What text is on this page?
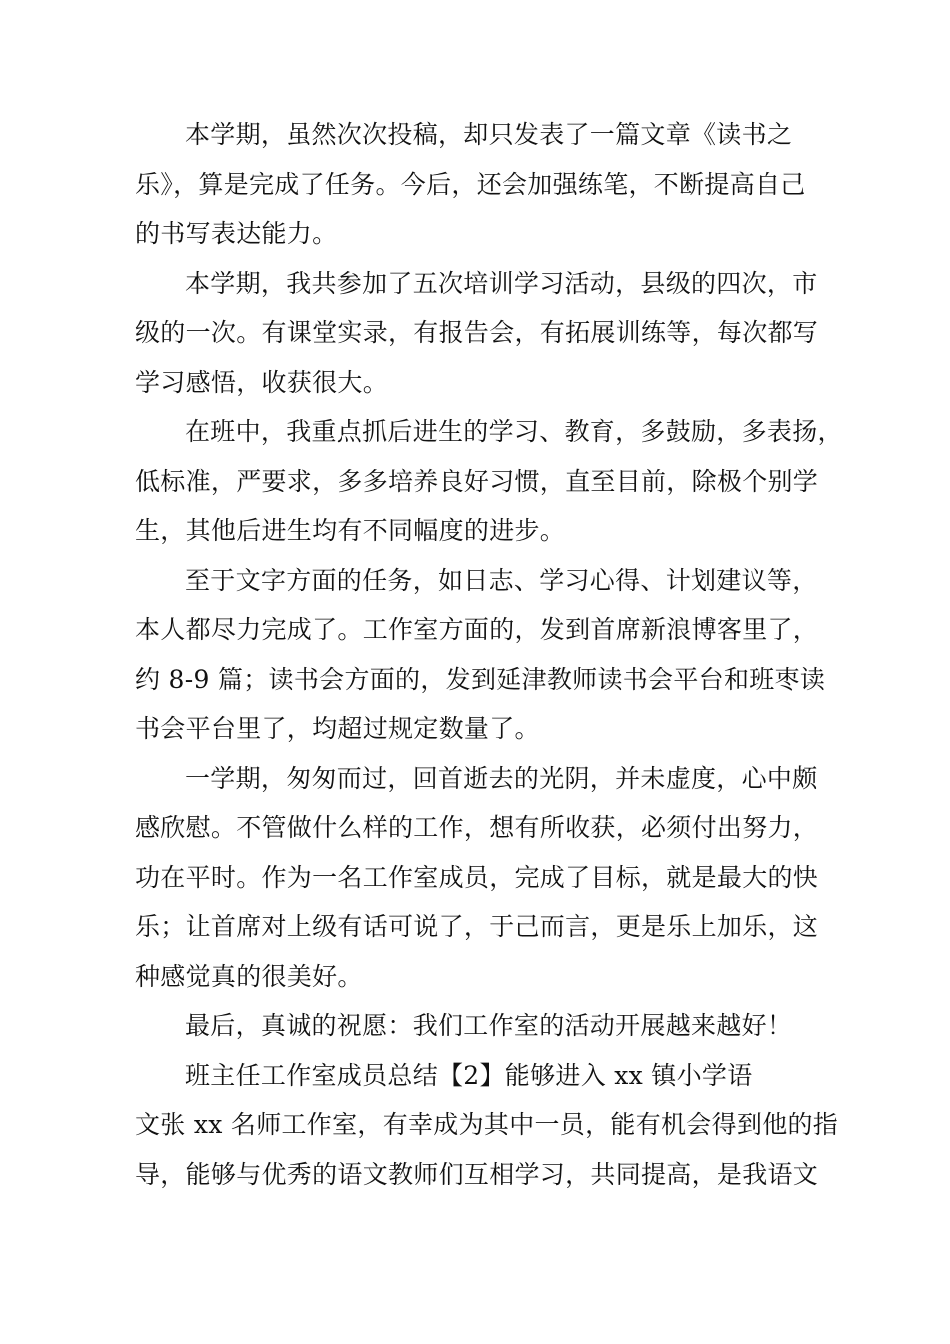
本学期，虽然次次投稿，却只发表了一篇文章《读书之
乐》，算是完成了任务。今后，还会加强练笔，不断提高自己
的书写表达能力。
本学期，我共参加了五次培训学习活动，县级的四次，市
级的一次。有课堂实录，有报告会，有拓展训练等，每次都写
学习感悟，收获很大。
在班中，我重点抓后进生的学习、教育，多鼓励，多表扬，
低标准，严要求，多多培养良好习惯，直至目前，除极个别学
生，其他后进生均有不同幅度的进步。
至于文字方面的任务，如日志、学习心得、计划建议等，
本人都尽力完成了。工作室方面的，发到首席新浪博客里了，
约 8-9 篇；读书会方面的，发到延津教师读书会平台和班枣读
书会平台里了，均超过规定数量了。
一学期，匆匆而过，回首逝去的光阴，并未虚度，心中颇
感欣慰。不管做什么样的工作，想有所收获，必须付出努力，
功在平时。作为一名工作室成员，完成了目标，就是最大的快
乐；让首席对上级有话可说了，于己而言，更是乐上加乐，这
种感觉真的很美好。
最后，真诚的祝愿：我们工作室的活动开展越来越好！
班主任工作室成员总结【2】能够进入 xx 镇小学语
文张 xx 名师工作室，有幸成为其中一员，能有机会得到他的指
导，能够与优秀的语文教师们互相学习，共同提高，是我语文
